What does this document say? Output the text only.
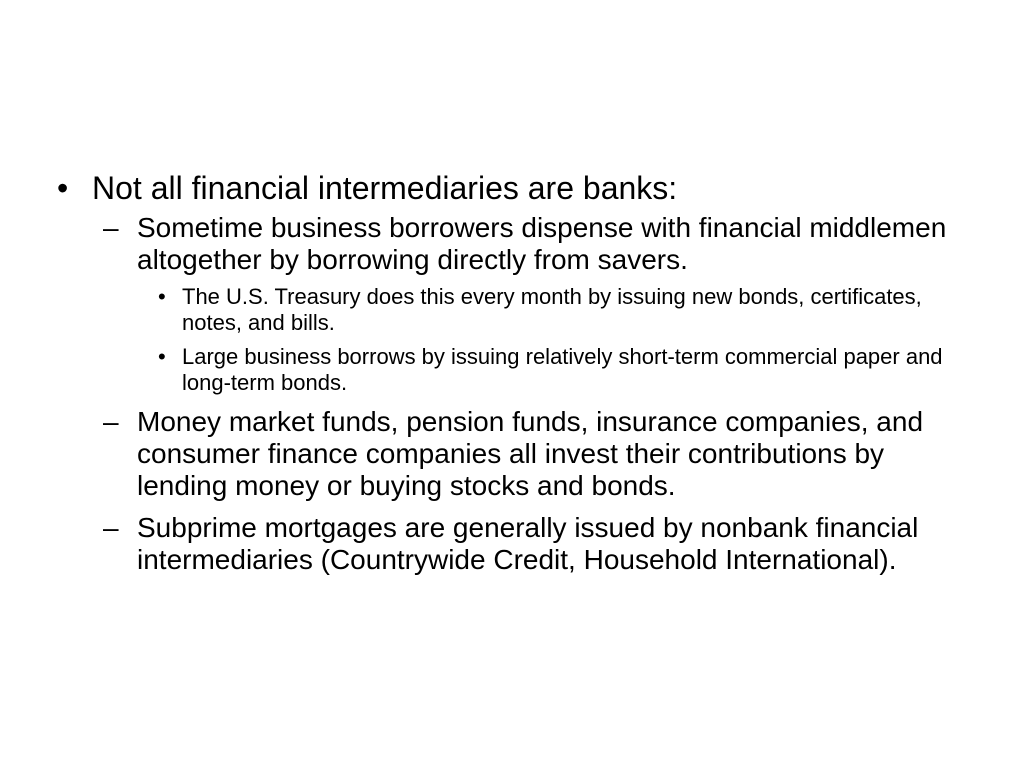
• Not all financial intermediaries are banks:
– Sometime business borrowers dispense with financial middlemen altogether by borrowing directly from savers.
• The U.S. Treasury does this every month by issuing new bonds, certificates, notes, and bills.
• Large business borrows by issuing relatively short-term commercial paper and long-term bonds.
– Money market funds, pension funds, insurance companies, and consumer finance companies all invest their contributions by lending money or buying stocks and bonds.
– Subprime mortgages are generally issued by nonbank financial intermediaries (Countrywide Credit, Household International).
